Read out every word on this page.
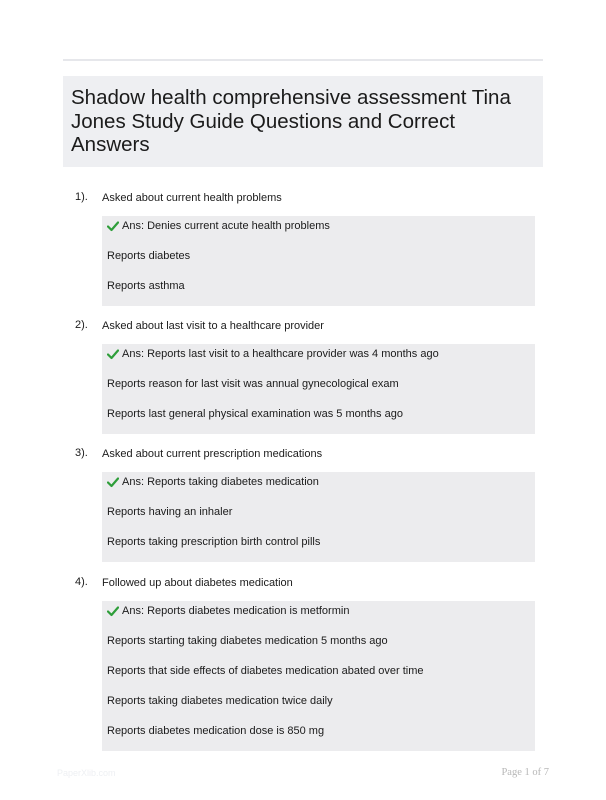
Shadow health comprehensive assessment Tina Jones Study Guide Questions and Correct Answers
1). Asked about current health problems
Ans: Denies current acute health problems
Reports diabetes
Reports asthma
2). Asked about last visit to a healthcare provider
Ans: Reports last visit to a healthcare provider was 4 months ago
Reports reason for last visit was annual gynecological exam
Reports last general physical examination was 5 months ago
3). Asked about current prescription medications
Ans: Reports taking diabetes medication
Reports having an inhaler
Reports taking prescription birth control pills
4). Followed up about diabetes medication
Ans: Reports diabetes medication is metformin
Reports starting taking diabetes medication 5 months ago
Reports that side effects of diabetes medication abated over time
Reports taking diabetes medication twice daily
Reports diabetes medication dose is 850 mg
PaperXlib.com	Page 1 of 7
